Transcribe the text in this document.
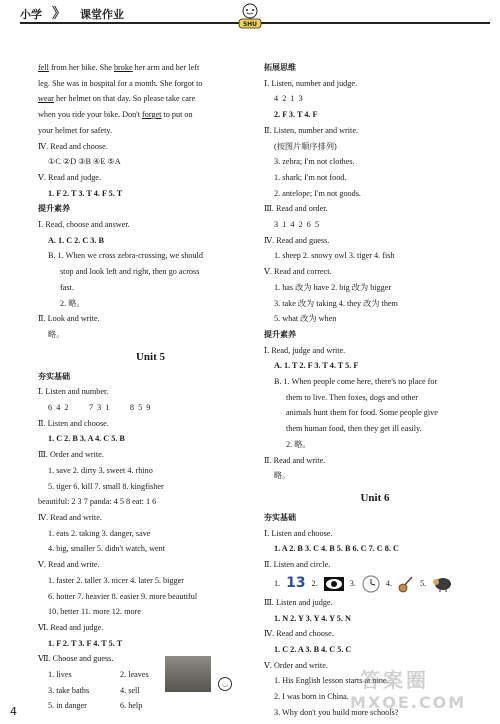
小学 》 课堂作业
5HU
fell from her bike. She broke her arm and her left
leg. She was in hospital for a month. She forgot to
wear her helmet on that day. So please take care
when you ride your bike. Don't forget to put on
your helmet for safety.
Ⅳ. Read and choose.
①C ②D ③B ④E ⑤A
Ⅴ. Read and judge.
1. F 2. T 3. T 4. F 5. T
提升素养
Ⅰ. Read, choose and answer.
A. 1. C 2. C 3. B
B. 1. When we cross zebra-crossing, we should
stop and look left and right, then go across
fast.
2. 略。
Ⅱ. Look and write.
略。
Unit 5
夯实基础
Ⅰ. Listen and number.
6  4  2          7  3  1          8  5  9
Ⅱ. Listen and choose.
1. C 2. B 3. A 4. C 5. B
Ⅲ. Order and write.
1. save 2. dirty 3. sweet 4. rhino
5. tiger 6. kill 7. small 8. kingfisher
beautiful: 2 3 7 panda: 4 5 8 eat: 1 6
Ⅳ. Read and write.
1. eats 2. taking 3. danger, save
4. big, smaller 5. didn't watch, went
Ⅴ. Read and write.
1. faster 2. taller 3. nicer 4. later 5. bigger
6. hotter 7. heavier 8. easier 9. more beautiful
10. better 11. more 12. more
Ⅵ. Read and judge.
1. F 2. T 3. F 4. T 5. T
Ⅶ. Choose and guess.
1. lives	2. leaves
3. take baths	4. sell
5. in danger	6. help
◡
拓展思维
Ⅰ. Listen, number and judge.
4  2  1  3
2. F 3. T 4. F
Ⅱ. Listen, number and write.
(按图片顺序排列)
3. zebra; I'm not clothes.
1. shark; I'm not food.
2. antelope; I'm not goods.
Ⅲ. Read and order.
3  1  4  2  6  5
Ⅳ. Read and guess.
1. sheep 2. snowy owl 3. tiger 4. fish
Ⅴ. Read and correct.
1. has 改为 have 2. big 改为 bigger
3. take 改为 taking 4. they 改为 them
5. what 改为 when
提升素养
Ⅰ. Read, judge and write.
A. 1. T 2. F 3. T 4. T 5. F
B. 1. When people come here, there's no place for
them to live. Then foxes, dogs and other
animals hunt them for food. Some people give
them human food, then they get ill easily.
2. 略。
Ⅱ. Read and write.
略。
Unit 6
夯实基础
Ⅰ. Listen and choose.
1. A 2. B 3. C 4. B 5. B 6. C 7. C 8. C
Ⅱ. Listen and circle.
1. 13 2.	3.	4.	5.
Ⅲ. Listen and judge.
1. N 2. Y 3. Y 4. Y 5. N
Ⅳ. Read and choose.
1. C 2. A 3. B 4. C 5. C
Ⅴ. Order and write.
1. His English lesson starts at nine.
2. I was born in China.
3. Why don't you build more schools?
答案圈
MXQE.COM
4
